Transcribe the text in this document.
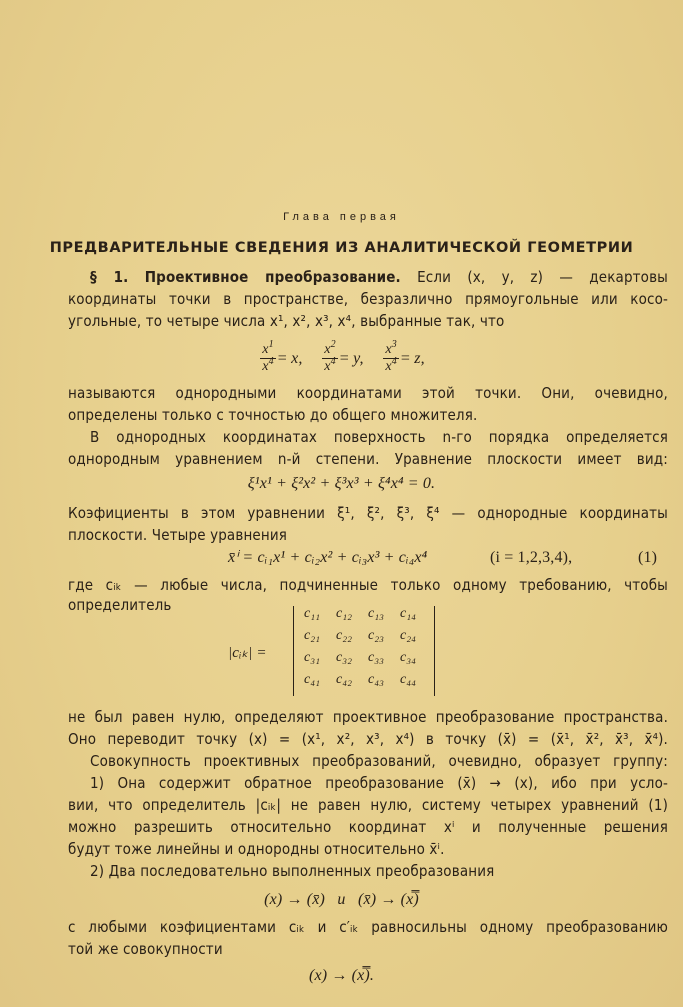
Глава первая
ПРЕДВАРИТЕЛЬНЫЕ СВЕДЕНИЯ ИЗ АНАЛИТИЧЕСКОЙ ГЕОМЕТРИИ
§ 1. Проективное преобразование. Если (x, y, z) — декартовы
координаты точки в пространстве, безразлично прямоугольные или косо-
угольные, то четыре числа x¹, x², x³, x⁴, выбранные так, что
$\frac{x^1}{x^4} = x$, $\frac{x^2}{x^4} = y$, $\frac{x^3}{x^4} = z$,
называются однородными координатами этой точки. Они, очевидно,
определены только с точностью до общего множителя.
В однородных координатах поверхность n-го порядка определяется
однородным уравнением n-й степени. Уравнение плоскости имеет вид:
ξ¹x¹ + ξ²x² + ξ³x³ + ξ⁴x⁴ = 0.
Коэфициенты в этом уравнении ξ¹, ξ², ξ³, ξ⁴ — однородные координаты
плоскости. Четыре уравнения
x̄ⁱ = cᵢ₁x¹ + cᵢ₂x² + cᵢ₃x³ + cᵢ₄x⁴	(i = 1,2,3,4),	(1)
где cᵢₖ — любые числа, подчиненные только одному требованию, чтобы
определитель
|cᵢₖ| =
c₁₁	c₁₂	c₁₃	c₁₄
c₂₁	c₂₂	c₂₃	c₂₄
c₃₁	c₃₂	c₃₃	c₃₄
c₄₁	c₄₂	c₄₃	c₄₄
не был равен нулю, определяют проективное преобразование пространства.
Оно переводит точку (x) = (x¹, x², x³, x⁴) в точку (x̄) = (x̄¹, x̄², x̄³, x̄⁴).
Совокупность проективных преобразований, очевидно, образует группу:
1) Она содержит обратное преобразование (x̄) → (x), ибо при усло-
вии, что определитель |cᵢₖ| не равен нулю, систему четырех уравнений (1)
можно разрешить относительно координат xⁱ и полученные решения
будут тоже линейны и однородны относительно x̄ⁱ.
2) Два последовательно выполненных преобразования
(x) → (x̄)   и   (x̄) → (x̿)
с любыми коэфициентами cᵢₖ и c′ᵢₖ равносильны одному преобразованию
той же совокупности
(x) → (x̿).
